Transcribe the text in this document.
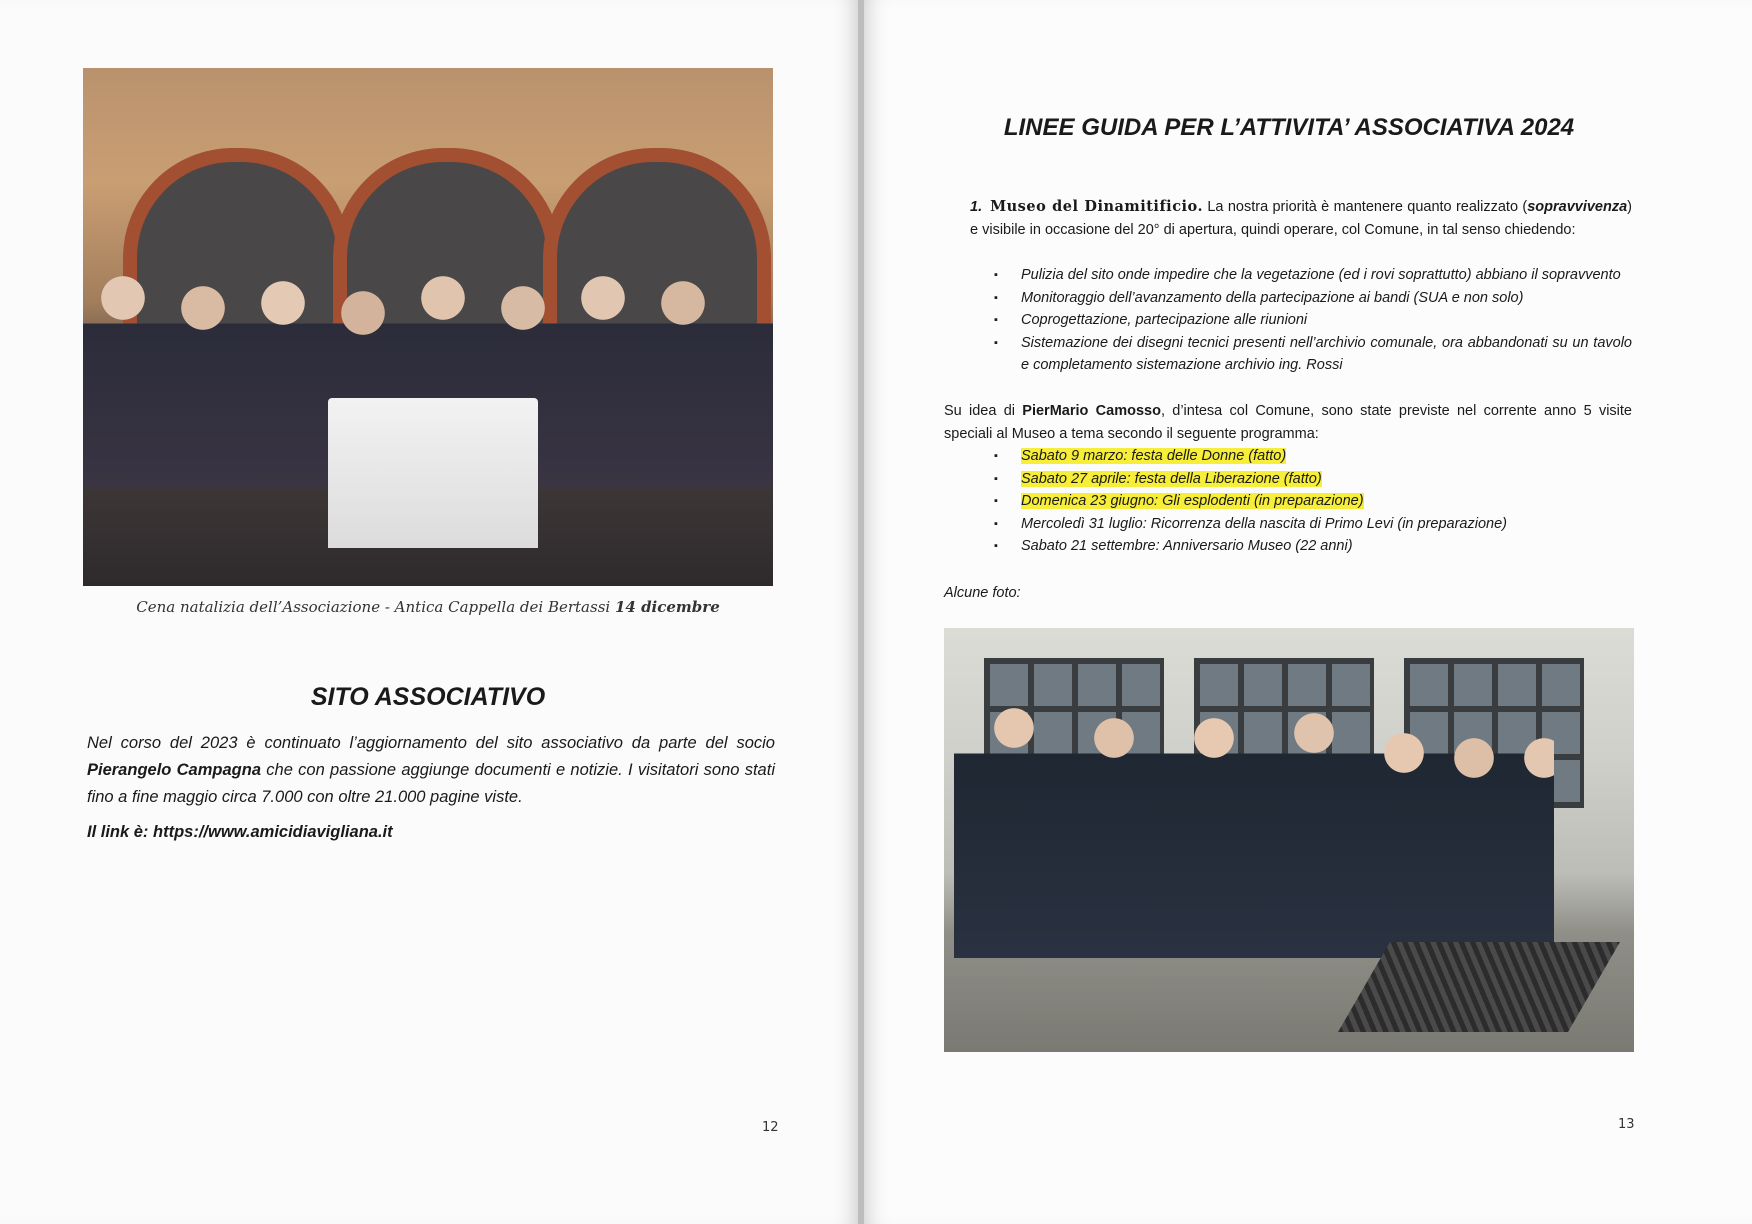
Cena natalizia dell’Associazione - Antica Cappella dei Bertassi 14 dicembre
SITO ASSOCIATIVO
Nel corso del 2023 è continuato l’aggiornamento del sito associativo da parte del socio Pierangelo Campagna che con passione aggiunge documenti e notizie. I visitatori sono stati fino a fine maggio circa 7.000 con oltre 21.000 pagine viste.
Il link è: https://www.amicidiavigliana.it
12
LINEE GUIDA PER L’ATTIVITA’ ASSOCIATIVA 2024
1. Museo del Dinamitificio. La nostra priorità è mantenere quanto realizzato (sopravvivenza) e visibile in occasione del 20° di apertura, quindi operare, col Comune, in tal senso chiedendo:
▪ Pulizia del sito onde impedire che la vegetazione (ed i rovi soprattutto) abbiano il sopravvento
▪ Monitoraggio dell’avanzamento della partecipazione ai bandi (SUA e non solo)
▪ Coprogettazione, partecipazione alle riunioni
▪ Sistemazione dei disegni tecnici presenti nell’archivio comunale, ora abbandonati su un tavolo e completamento sistemazione archivio ing. Rossi
Su idea di PierMario Camosso, d’intesa col Comune, sono state previste nel corrente anno 5 visite speciali al Museo a tema secondo il seguente programma:
▪ Sabato 9 marzo: festa delle Donne (fatto)
▪ Sabato 27 aprile: festa della Liberazione (fatto)
▪ Domenica 23 giugno: Gli esplodenti (in preparazione)
▪ Mercoledì 31 luglio: Ricorrenza della nascita di Primo Levi (in preparazione)
▪ Sabato 21 settembre: Anniversario Museo (22 anni)
Alcune foto:
13
